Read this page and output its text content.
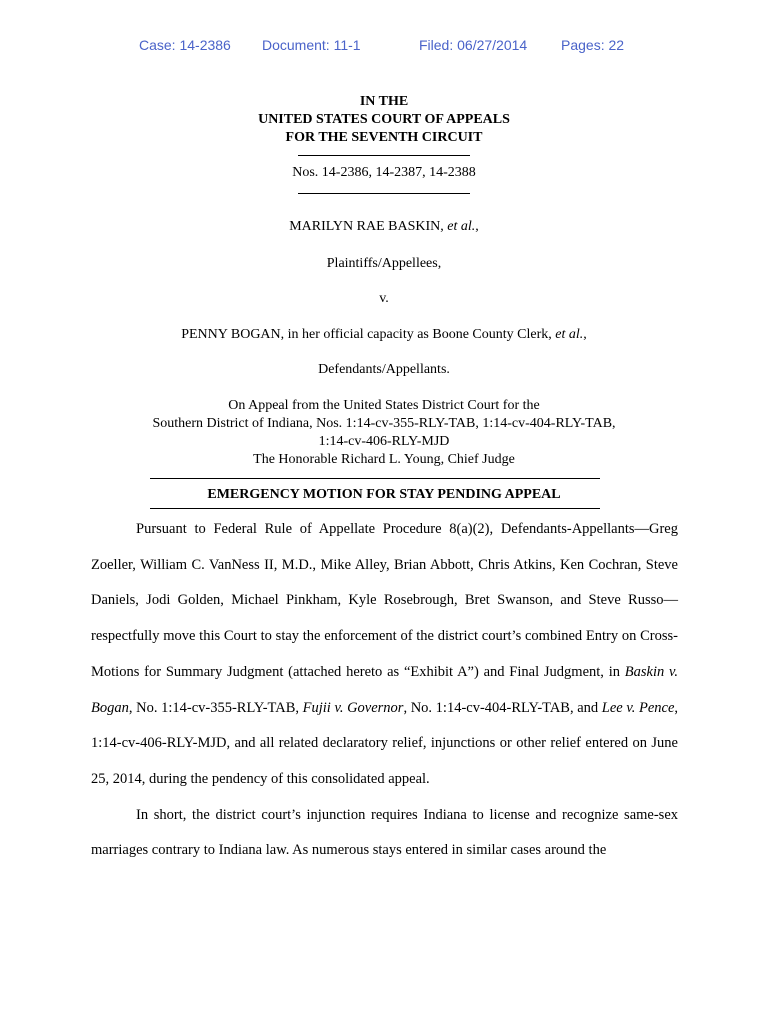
Case: 14-2386 Document: 11-1	Filed: 06/27/2014 Pages: 22
IN THE
UNITED STATES COURT OF APPEALS
FOR THE SEVENTH CIRCUIT
Nos. 14-2386, 14-2387, 14-2388
MARILYN RAE BASKIN, et al.,
Plaintiffs/Appellees,
v.
PENNY BOGAN, in her official capacity as Boone County Clerk, et al.,
Defendants/Appellants.
On Appeal from the United States District Court for the
Southern District of Indiana, Nos. 1:14-cv-355-RLY-TAB, 1:14-cv-404-RLY-TAB,
1:14-cv-406-RLY-MJD
The Honorable Richard L. Young, Chief Judge
EMERGENCY MOTION FOR STAY PENDING APPEAL

Pursuant to Federal Rule of Appellate Procedure 8(a)(2), Defendants-Appellants—Greg Zoeller, William C. VanNess II, M.D., Mike Alley, Brian Abbott, Chris Atkins, Ken Cochran, Steve Daniels, Jodi Golden, Michael Pinkham, Kyle Rosebrough, Bret Swanson, and Steve Russo—respectfully move this Court to stay the enforcement of the district court’s combined Entry on Cross-Motions for Summary Judgment (attached hereto as “Exhibit A”) and Final Judgment, in Baskin v. Bogan, No. 1:14-cv-355-RLY-TAB, Fujii v. Governor, No. 1:14-cv-404-RLY-TAB, and Lee v. Pence, 1:14-cv-406-RLY-MJD, and all related declaratory relief, injunctions or other relief entered on June 25, 2014, during the pendency of this consolidated appeal.

In short, the district court’s injunction requires Indiana to license and recognize same-sex marriages contrary to Indiana law. As numerous stays entered in similar cases around the
